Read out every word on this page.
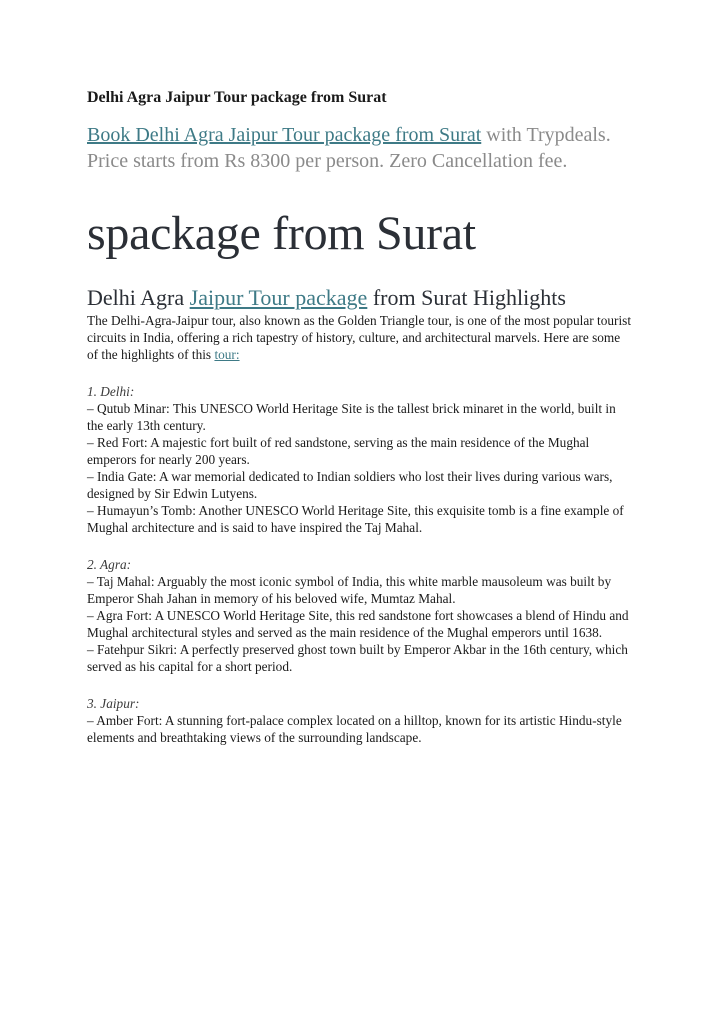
Delhi Agra Jaipur Tour package from Surat

Book Delhi Agra Jaipur Tour package from Surat with Trypdeals. Price starts from Rs 8300 per person. Zero Cancellation fee.

spackage from Surat
Delhi Agra Jaipur Tour package from Surat Highlights

The Delhi-Agra-Jaipur tour, also known as the Golden Triangle tour, is one of the most popular tourist circuits in India, offering a rich tapestry of history, culture, and architectural marvels. Here are some of the highlights of this tour:

1. Delhi:

– Qutub Minar: This UNESCO World Heritage Site is the tallest brick minaret in the world, built in the early 13th century.

– Red Fort: A majestic fort built of red sandstone, serving as the main residence of the Mughal emperors for nearly 200 years.

– India Gate: A war memorial dedicated to Indian soldiers who lost their lives during various wars, designed by Sir Edwin Lutyens.

– Humayun’s Tomb: Another UNESCO World Heritage Site, this exquisite tomb is a fine example of Mughal architecture and is said to have inspired the Taj Mahal.

2. Agra:

– Taj Mahal: Arguably the most iconic symbol of India, this white marble mausoleum was built by Emperor Shah Jahan in memory of his beloved wife, Mumtaz Mahal.

– Agra Fort: A UNESCO World Heritage Site, this red sandstone fort showcases a blend of Hindu and Mughal architectural styles and served as the main residence of the Mughal emperors until 1638.

– Fatehpur Sikri: A perfectly preserved ghost town built by Emperor Akbar in the 16th century, which served as his capital for a short period.

3. Jaipur:

– Amber Fort: A stunning fort-palace complex located on a hilltop, known for its artistic Hindu-style elements and breathtaking views of the surrounding landscape.
